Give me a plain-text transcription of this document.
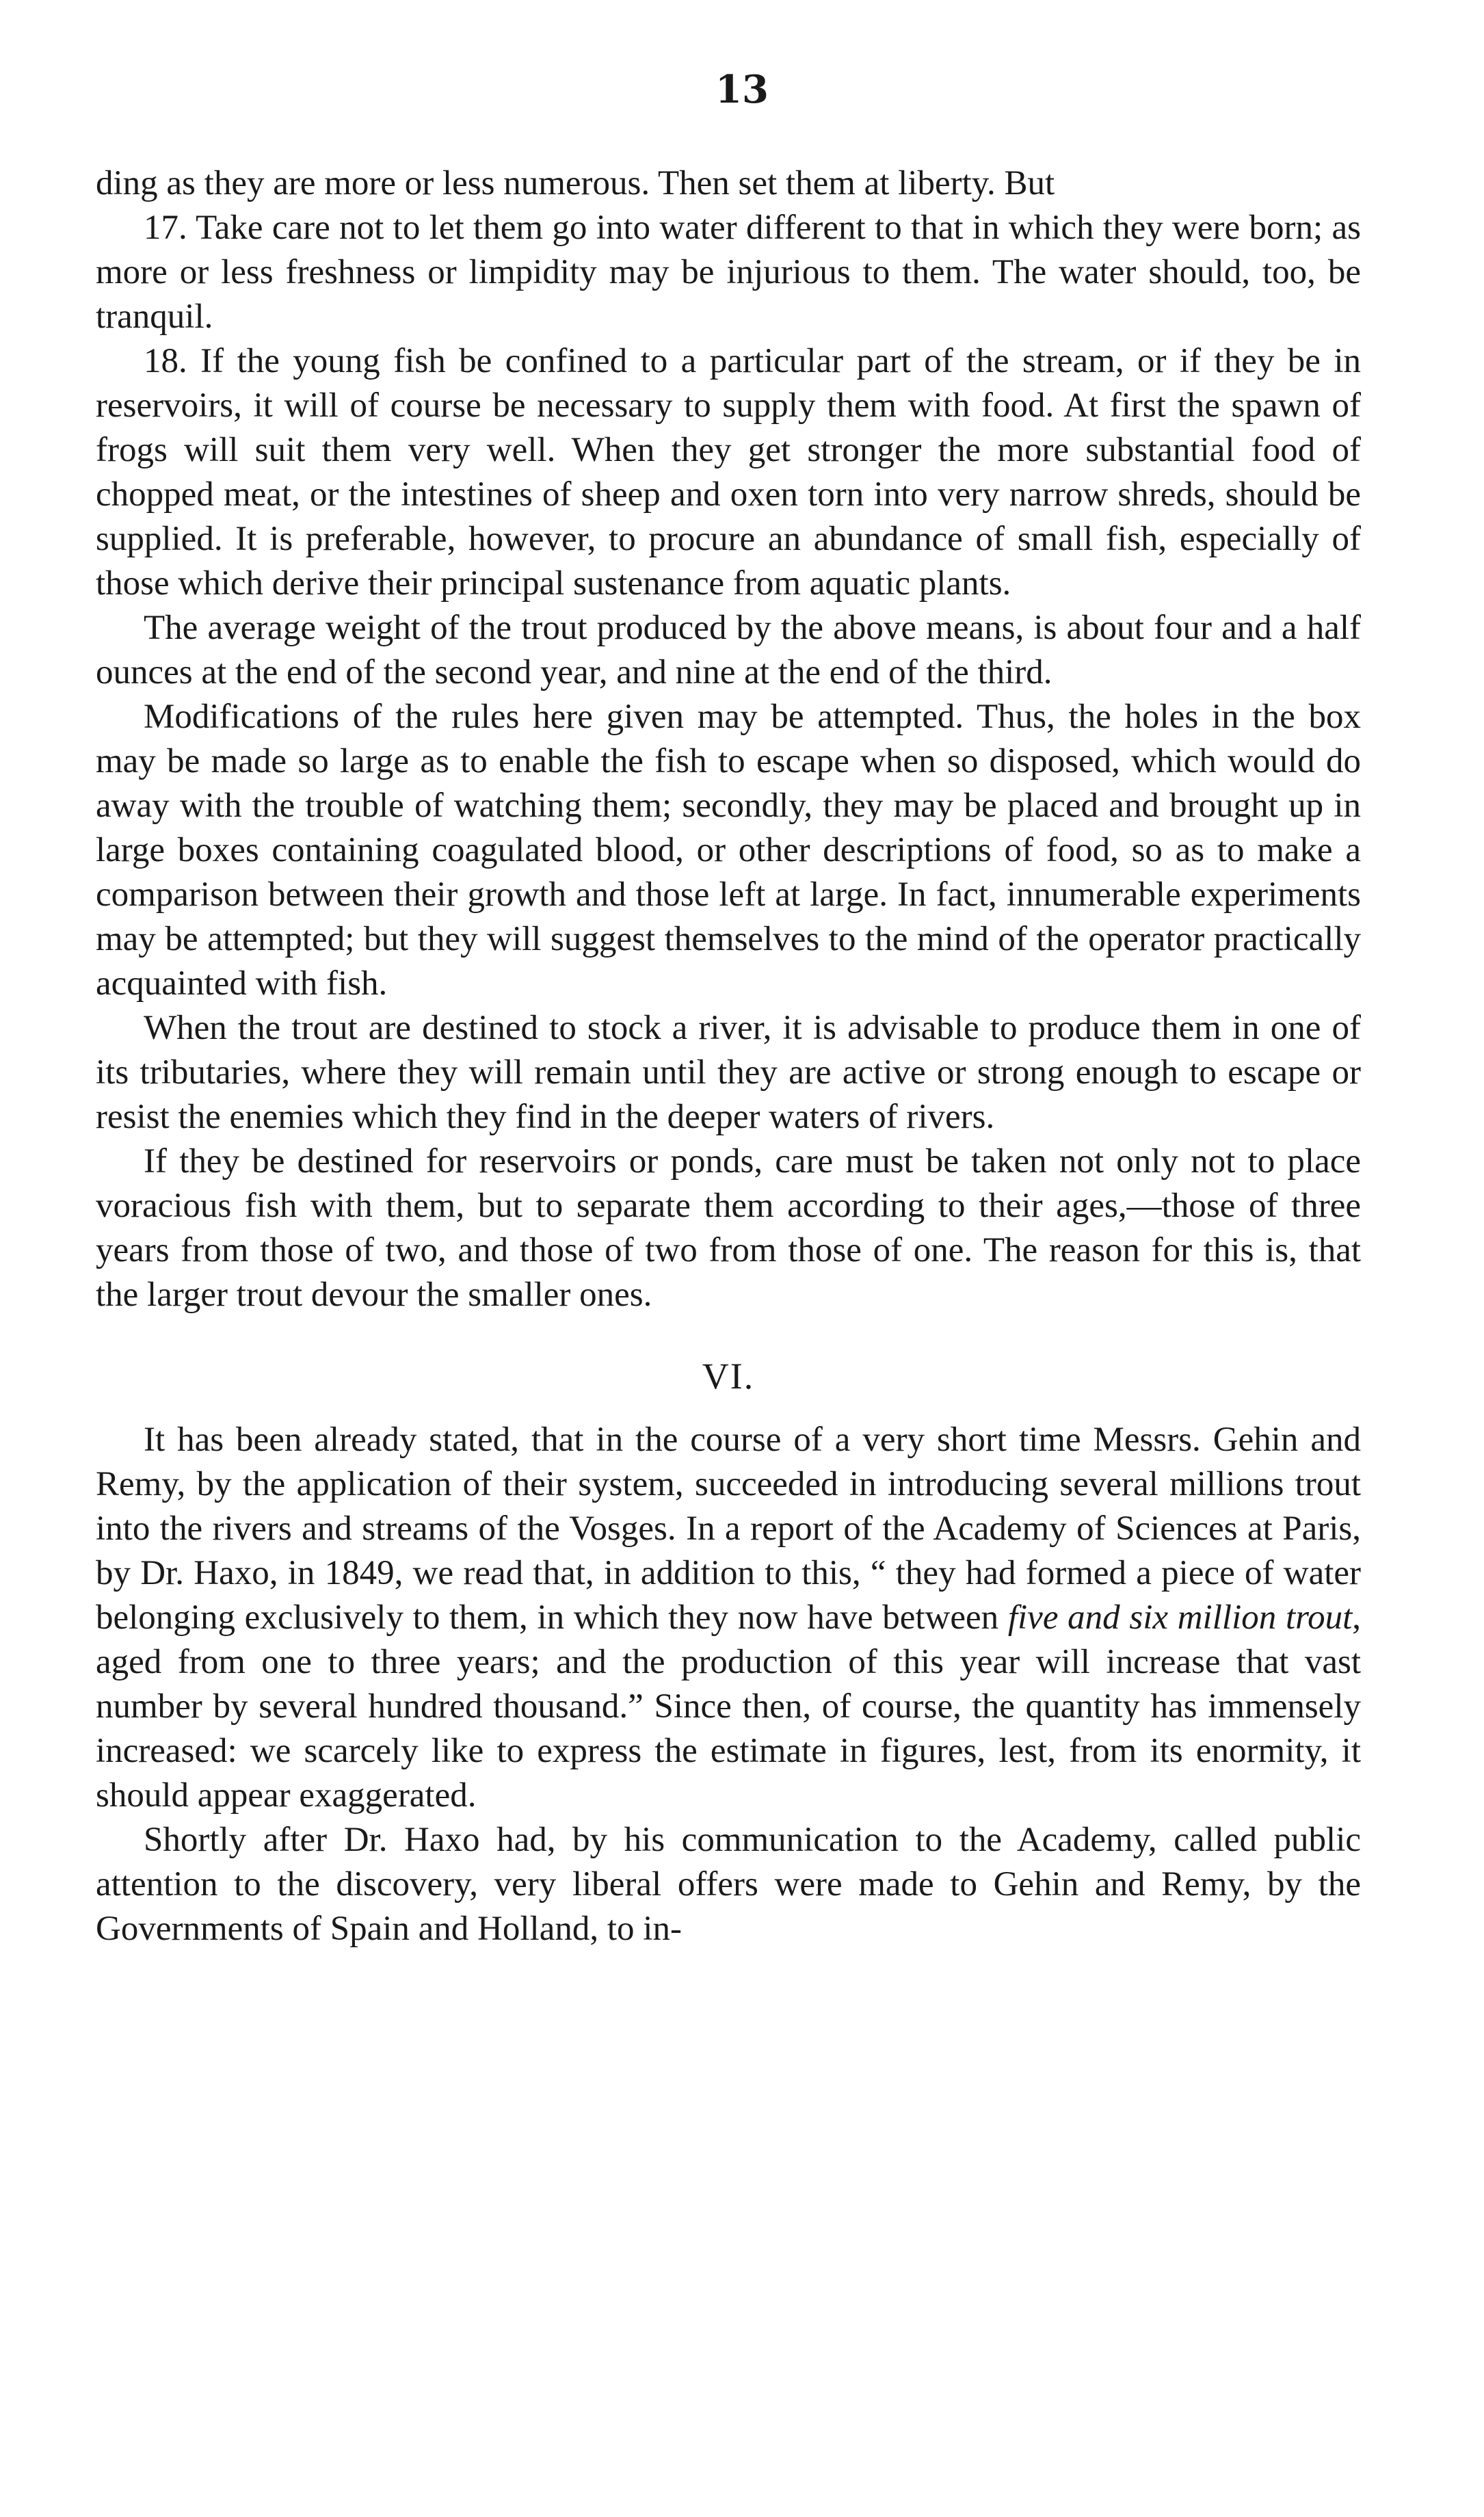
13

ding as they are more or less numerous. Then set them at liberty. But

17. Take care not to let them go into water different to that in which they were born; as more or less freshness or limpidity may be injurious to them. The water should, too, be tranquil.

18. If the young fish be confined to a particular part of the stream, or if they be in reservoirs, it will of course be necessary to supply them with food. At first the spawn of frogs will suit them very well. When they get stronger the more substantial food of chopped meat, or the intestines of sheep and oxen torn into very narrow shreds, should be supplied. It is preferable, however, to procure an abundance of small fish, especially of those which derive their principal sustenance from aquatic plants.

The average weight of the trout produced by the above means, is about four and a half ounces at the end of the second year, and nine at the end of the third.

Modifications of the rules here given may be attempted. Thus, the holes in the box may be made so large as to enable the fish to escape when so disposed, which would do away with the trouble of watching them; secondly, they may be placed and brought up in large boxes containing coagulated blood, or other descriptions of food, so as to make a comparison between their growth and those left at large. In fact, innumerable experiments may be attempted; but they will suggest themselves to the mind of the operator practically acquainted with fish.

When the trout are destined to stock a river, it is advisable to produce them in one of its tributaries, where they will remain until they are active or strong enough to escape or resist the enemies which they find in the deeper waters of rivers.

If they be destined for reservoirs or ponds, care must be taken not only not to place voracious fish with them, but to separate them according to their ages,—those of three years from those of two, and those of two from those of one. The reason for this is, that the larger trout devour the smaller ones.

VI.

It has been already stated, that in the course of a very short time Messrs. Gehin and Remy, by the application of their system, succeeded in introducing several millions trout into the rivers and streams of the Vosges. In a report of the Academy of Sciences at Paris, by Dr. Haxo, in 1849, we read that, in addition to this, “ they had formed a piece of water belonging exclusively to them, in which they now have between five and six million trout, aged from one to three years; and the production of this year will increase that vast number by several hundred thousand.” Since then, of course, the quantity has immensely increased: we scarcely like to express the estimate in figures, lest, from its enormity, it should appear exaggerated.

Shortly after Dr. Haxo had, by his communication to the Academy, called public attention to the discovery, very liberal offers were made to Gehin and Remy, by the Governments of Spain and Holland, to in-
